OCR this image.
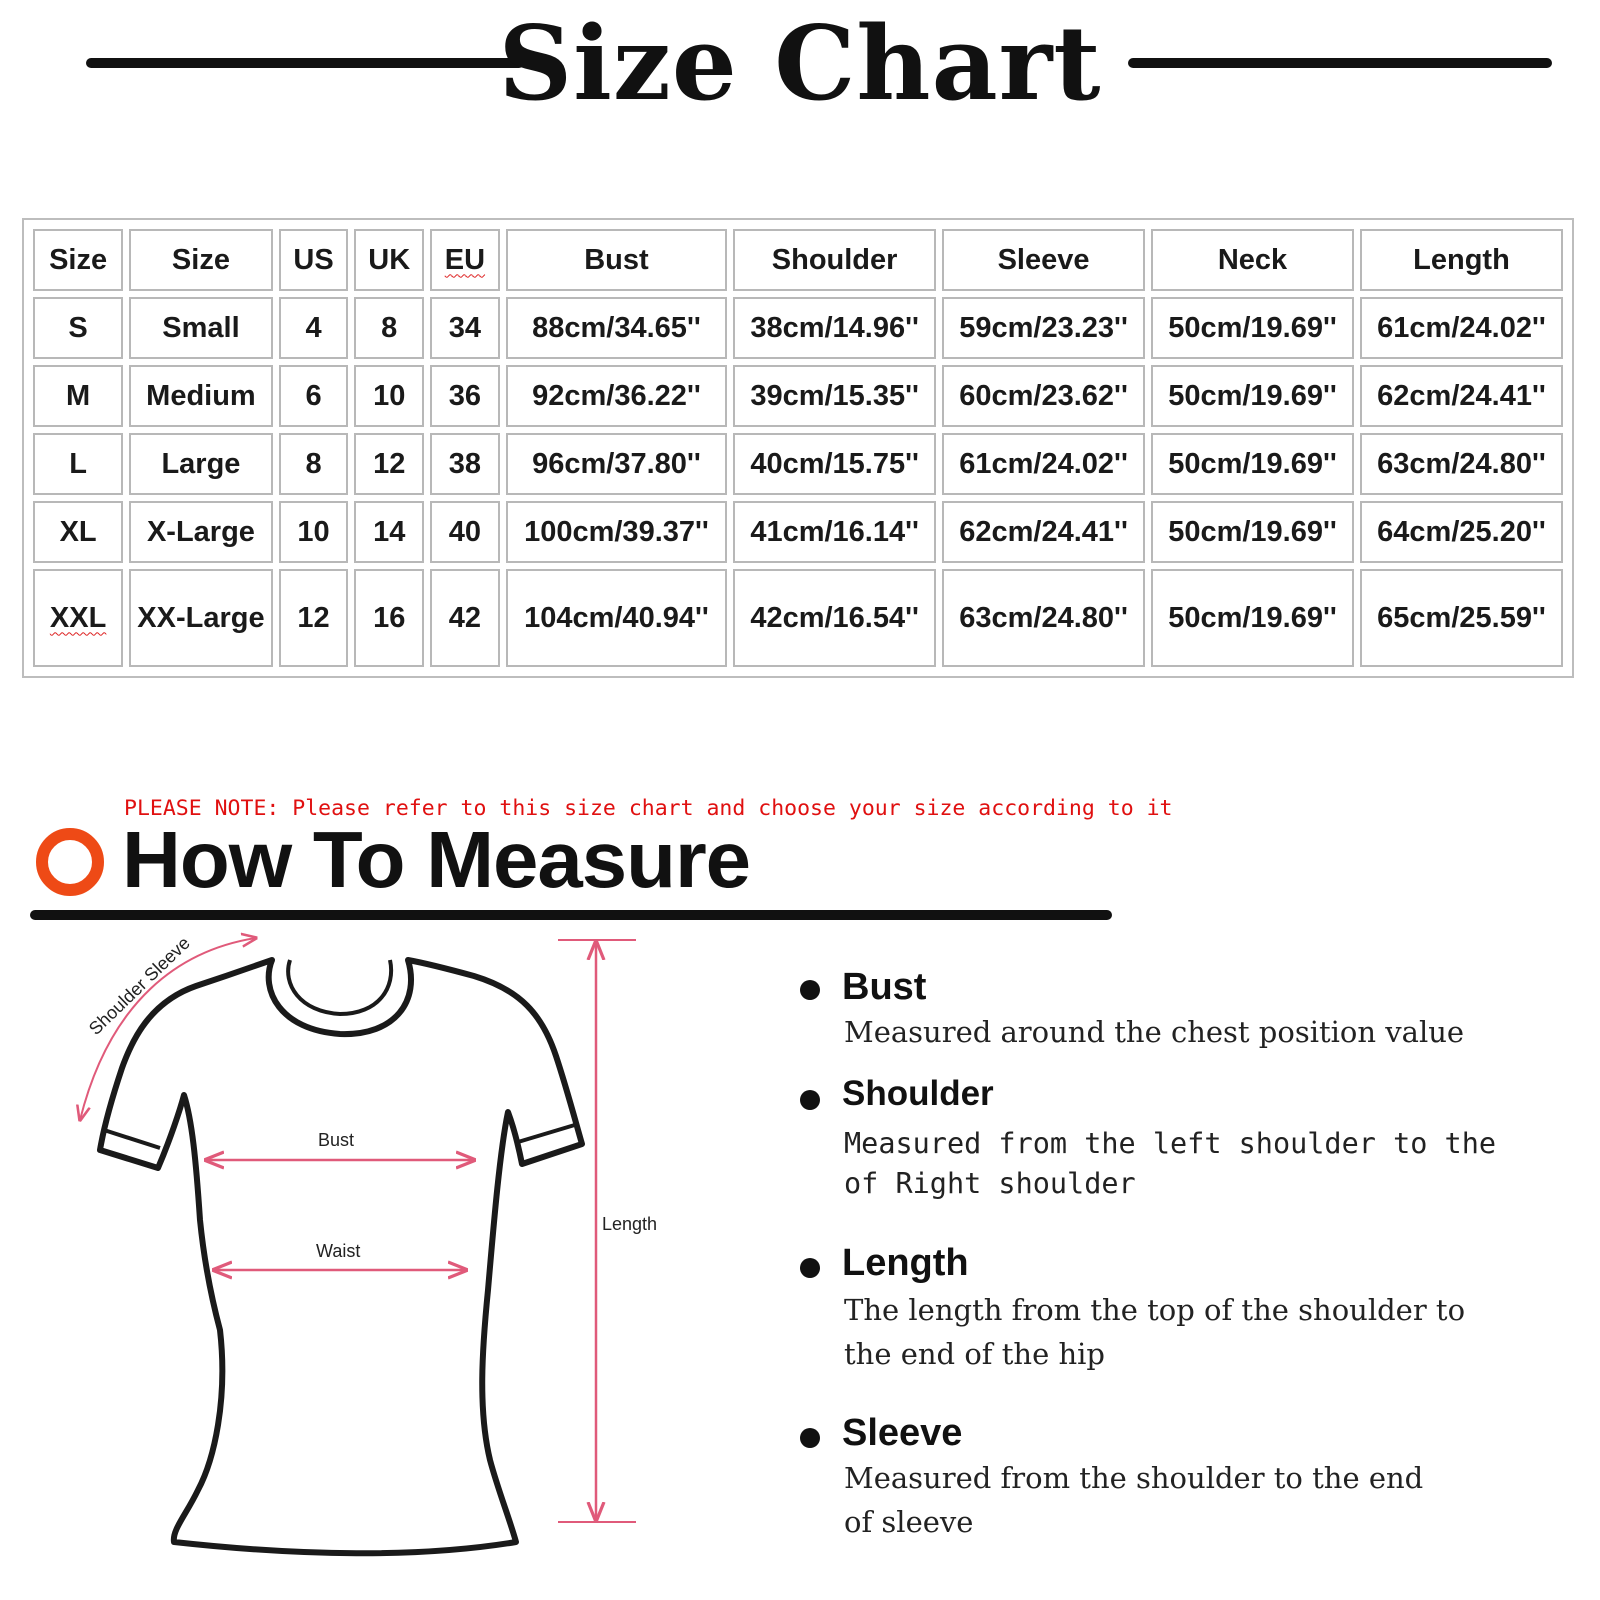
Size Chart
Size	Size	US	UK	EU	Bust	Shoulder	Sleeve	Neck	Length
S	Small	4	8	34	88cm/34.65''	38cm/14.96''	59cm/23.23''	50cm/19.69''	61cm/24.02''
M	Medium	6	10	36	92cm/36.22''	39cm/15.35''	60cm/23.62''	50cm/19.69''	62cm/24.41''
L	Large	8	12	38	96cm/37.80''	40cm/15.75''	61cm/24.02''	50cm/19.69''	63cm/24.80''
XL	X-Large	10	14	40	100cm/39.37''	41cm/16.14''	62cm/24.41''	50cm/19.69''	64cm/25.20''
XXL	XX-Large	12	16	42	104cm/40.94''	42cm/16.54''	63cm/24.80''	50cm/19.69''	65cm/25.59''
PLEASE NOTE: Please refer to this size chart and choose your size according to it
How To Measure
Shoulder Sleeve
Bust
Waist
Length
Bust
Measured around the chest position value
Shoulder
Measured from the left shoulder to the
of Right shoulder
Length
The length from the top of the shoulder to
the end of the hip
Sleeve
Measured from the shoulder to the end
of sleeve
